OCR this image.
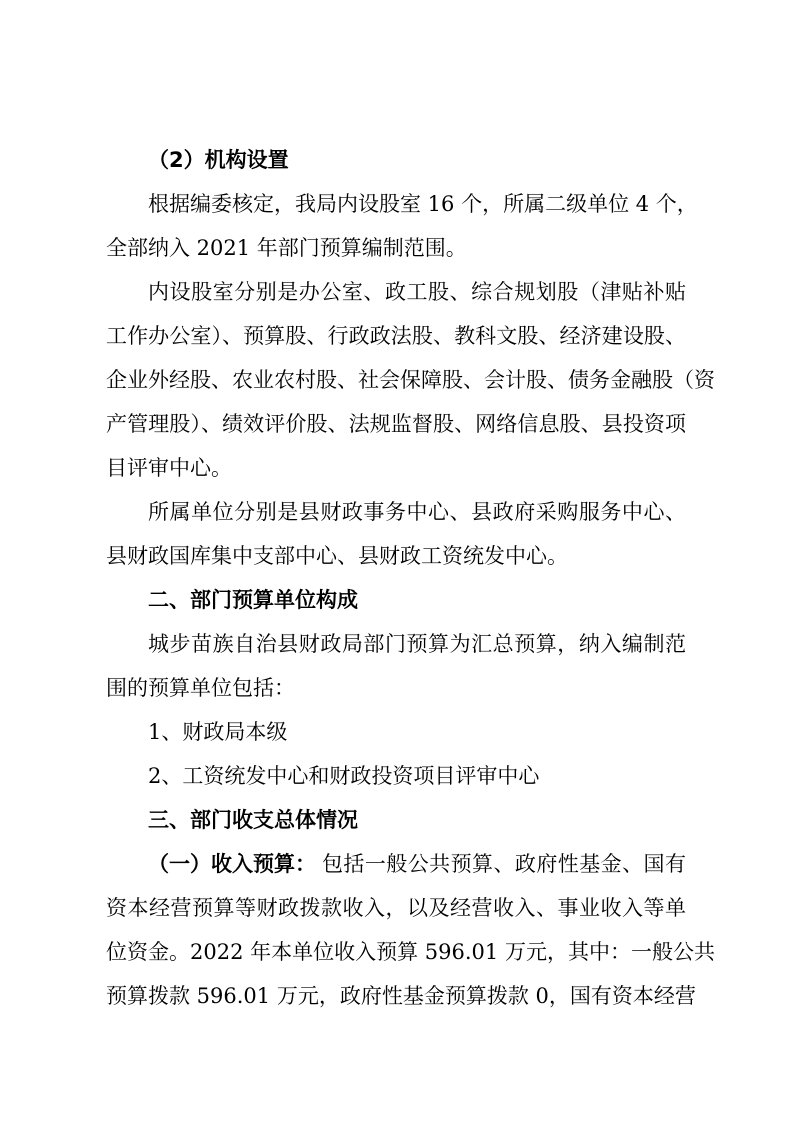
（2）机构设置
根据编委核定，我局内设股室 16 个，所属二级单位 4 个，
全部纳入 2021 年部门预算编制范围。
内设股室分别是办公室、政工股、综合规划股（津贴补贴
工作办公室）、预算股、行政政法股、教科文股、经济建设股、
企业外经股、农业农村股、社会保障股、会计股、债务金融股（资
产管理股）、绩效评价股、法规监督股、网络信息股、县投资项
目评审中心。
所属单位分别是县财政事务中心、县政府采购服务中心、
县财政国库集中支部中心、县财政工资统发中心。
二、部门预算单位构成
城步苗族自治县财政局部门预算为汇总预算，纳入编制范
围的预算单位包括：
1、财政局本级
2、工资统发中心和财政投资项目评审中心
三、部门收支总体情况
（一）收入预算： 包括一般公共预算、政府性基金、国有
资本经营预算等财政拨款收入，以及经营收入、事业收入等单
位资金。2022 年本单位收入预算 596.01 万元，其中：一般公共
预算拨款 596.01 万元，政府性基金预算拨款 0，国有资本经营
